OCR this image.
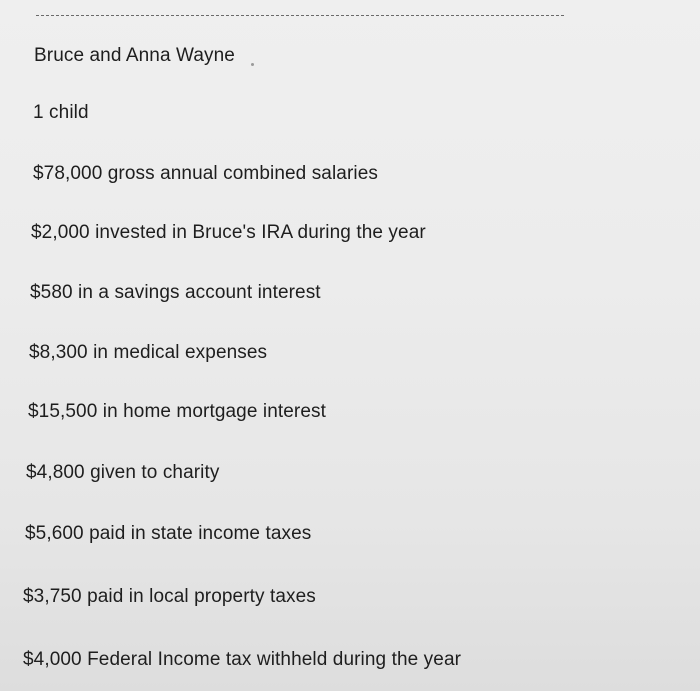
Bruce and Anna Wayne

1 child

$78,000 gross annual combined salaries

$2,000 invested in Bruce's IRA during the year

$580 in a savings account interest

$8,300 in medical expenses

$15,500 in home mortgage interest

$4,800 given to charity

$5,600 paid in state income taxes

$3,750 paid in local property taxes

$4,000 Federal Income tax withheld during the year
